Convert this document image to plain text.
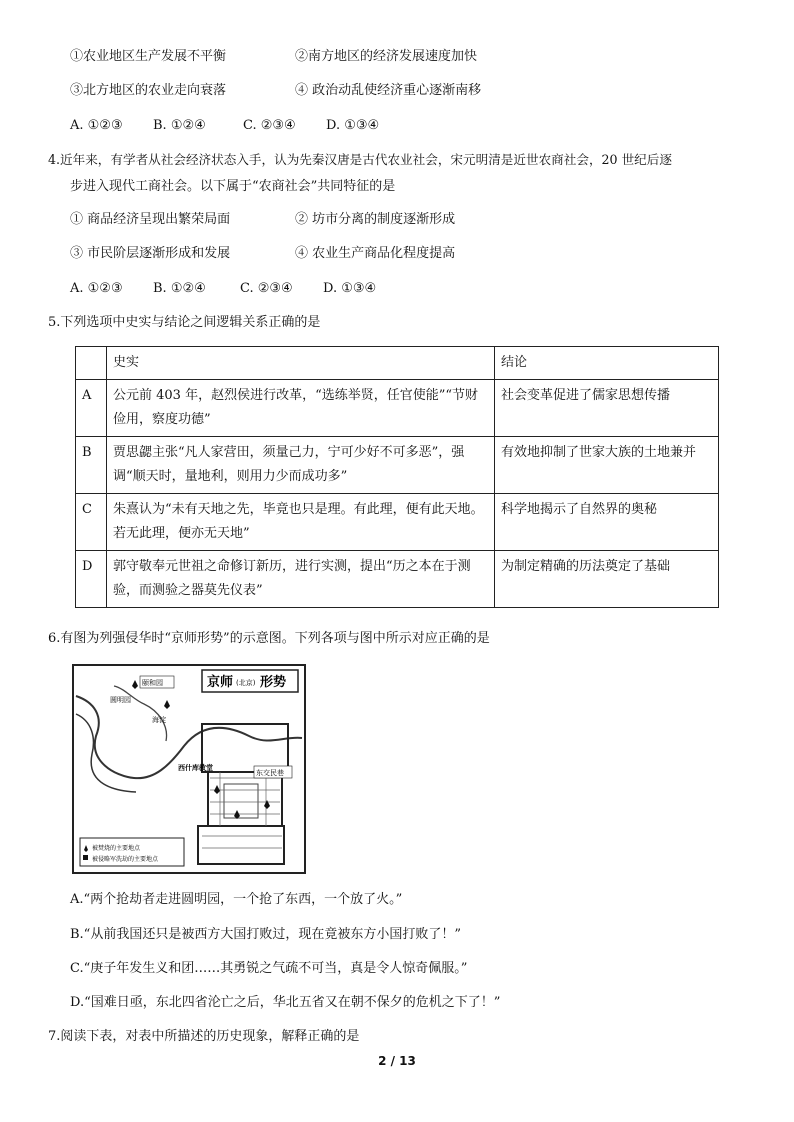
①农业地区生产发展不平衡	②南方地区的经济发展速度加快
③北方地区的农业走向衰落	④ 政治动乱使经济重心逐渐南移
A. ①②③ B. ①②④	C. ②③④ D. ①③④
4.近年来，有学者从社会经济状态入手，认为先秦汉唐是古代农业社会，宋元明清是近世农商社会，20 世纪后逐
步进入现代工商社会。以下属于“农商社会”共同特征的是
① 商品经济呈现出繁荣局面	② 坊市分离的制度逐渐形成
③ 市民阶层逐渐形成和发展	④ 农业生产商品化程度提高
A. ①②③ B. ①②④	C. ②③④ D. ①③④
5.下列选项中史实与结论之间逻辑关系正确的是
	史实	结论
A	公元前 403 年，赵烈侯进行改革，“选练举贤，任官使能”“节财俭用，察度功德”	社会变革促进了儒家思想传播
B	贾思勰主张“凡人家营田，须量己力，宁可少好不可多恶”，强调“顺天时，量地利，则用力少而成功多”	有效地抑制了世家大族的土地兼并
C	朱熹认为“未有天地之先，毕竟也只是理。有此理，便有此天地。若无此理，便亦无天地”	科学地揭示了自然界的奥秘
D	郭守敬奉元世祖之命修订新历，进行实测，提出“历之本在于测验，而测验之器莫先仪表”	为制定精确的历法奠定了基础
6.有图为列强侵华时“京师形势”的示意图。下列各项与图中所示对应正确的是
京师 (北京) 形势
颐和园
圆明园
海淀
西什库教堂
东交民巷
被焚烧的主要地点
被侵略军洗劫的主要地点
A.“两个抢劫者走进圆明园，一个抢了东西，一个放了火。”
B.“从前我国还只是被西方大国打败过，现在竟被东方小国打败了！”
C.“庚子年发生义和团……其勇锐之气疏不可当，真是令人惊奇佩服。”
D.“国难日亟，东北四省沦亡之后，华北五省又在朝不保夕的危机之下了！”
7.阅读下表，对表中所描述的历史现象，解释正确的是
2 / 13
